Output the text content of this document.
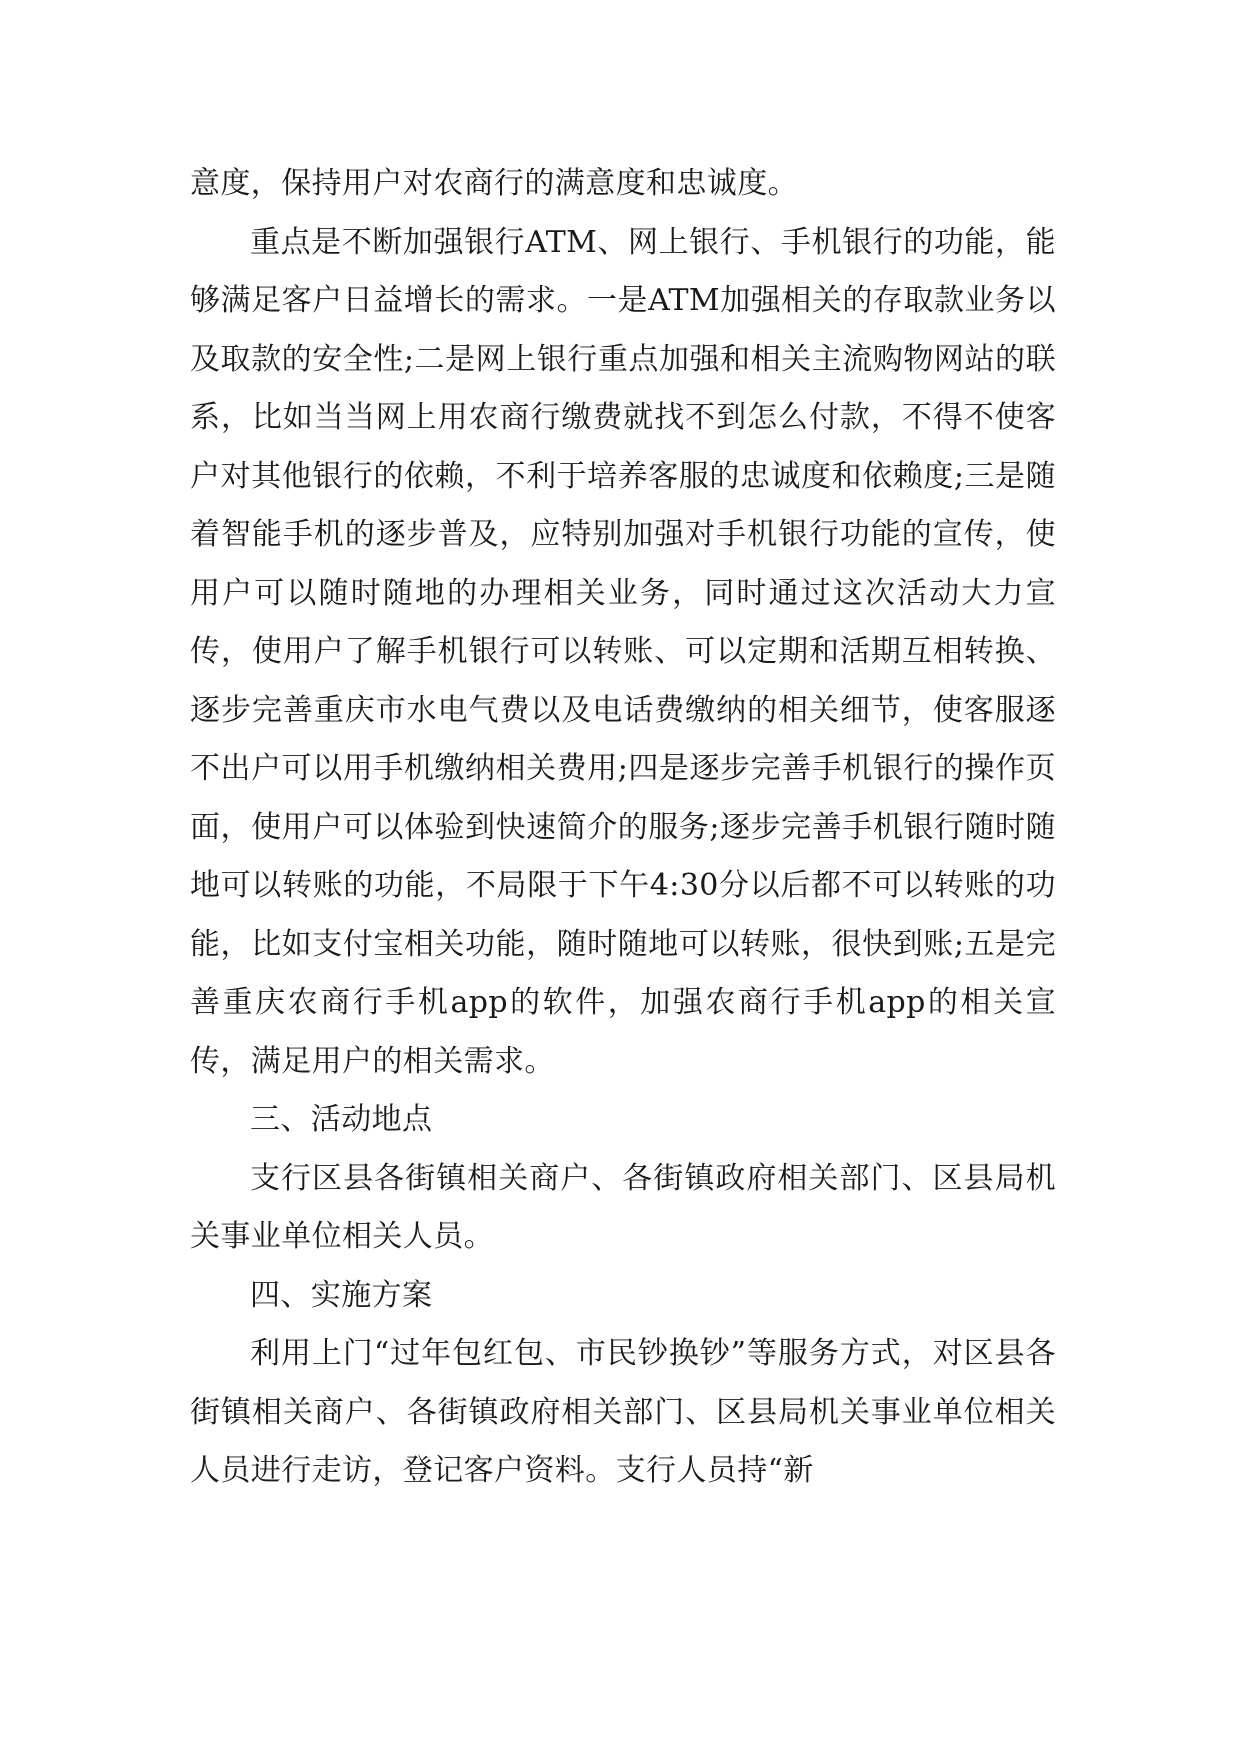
意度，保持用户对农商行的满意度和忠诚度。

重点是不断加强银行ATM、网上银行、手机银行的功能，能够满足客户日益增长的需求。一是ATM加强相关的存取款业务以及取款的安全性;二是网上银行重点加强和相关主流购物网站的联系，比如当当网上用农商行缴费就找不到怎么付款，不得不使客户对其他银行的依赖，不利于培养客服的忠诚度和依赖度;三是随着智能手机的逐步普及，应特别加强对手机银行功能的宣传，使用户可以随时随地的办理相关业务，同时通过这次活动大力宣传，使用户了解手机银行可以转账、可以定期和活期互相转换、逐步完善重庆市水电气费以及电话费缴纳的相关细节，使客服逐不出户可以用手机缴纳相关费用;四是逐步完善手机银行的操作页面，使用户可以体验到快速简介的服务;逐步完善手机银行随时随地可以转账的功能，不局限于下午4:30分以后都不可以转账的功能，比如支付宝相关功能，随时随地可以转账，很快到账;五是完善重庆农商行手机app的软件，加强农商行手机app的相关宣传，满足用户的相关需求。

三、活动地点

支行区县各街镇相关商户、各街镇政府相关部门、区县局机关事业单位相关人员。

四、实施方案

利用上门“过年包红包、市民钞换钞”等服务方式，对区县各街镇相关商户、各街镇政府相关部门、区县局机关事业单位相关人员进行走访，登记客户资料。支行人员持“新
